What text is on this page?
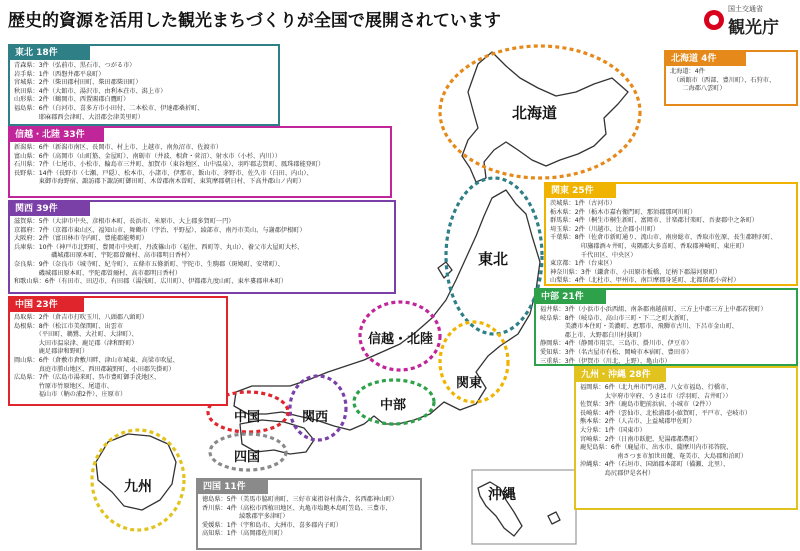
歴史的資源を活用した観光まちづくりが全国で展開されています
国土交通省
観光庁
北海道
東北
信越・北陸
関東
中部
関西
中国
四国
九州	沖縄
東北 18件
青森県：3件（弘前市、黒石市、つがる市）
岩手県：1件（西磐井郡平泉町）
宮城県：2件（柴田郡村田町、柴田郡柴田町）
秋田県：4件（大館市、湯沢市、由利本荘市、潟上市）
山形県：2件（鶴岡市、西置賜郡白鷹町）
福島県：6件（白河市、喜多方市小田付、二本松市、伊達郡桑折町、
　　　　耶麻郡西会津町、大沼郡会津美里町）
北海道 4件
北海道：4件
　（函館市（西部、豊川町）、石狩市、
　　二海郡八雲町）
信越・北陸 33件
新潟県：6件（新潟市南区、長岡市、村上市、上越市、南魚沼市、佐渡市）
富山県：6件（高岡市（山町筋、金屋町）、南砺市（井波、相倉・菅沼）、射水市（小杉、内川））
石川県：7件（七尾市、小松市、輪島市三井町、加賀市（東谷地区、山中温泉）、羽咋郡志賀町、鳳珠郡能登町）
長野県：14件（長野市（七瀬、戸隠）、松本市、小諸市、伊那市、飯山市、茅野市、佐久市（臼田、内山）、
　　　　東御市海野宿、諏訪郡下諏訪町御田町、木曽郡南木曽町、東筑摩郡朝日村、下高井郡山ノ内町）
関西 39件
滋賀県：5件（大津市中央、彦根市本町、長浜市、米原市、大上郡多賀町一円）
京都府：7件（京都市東山区、福知山市、舞鶴市（宇治、平野屋）、綾部市、南丹市美山、与謝郡伊根町）
大阪府：2件（富田林市寺内町、豊能郡能勢町）
兵庫県：10件（神戸市北野町、豊岡市中央町、丹波篠山市（福住、西町等、丸山）、養父市大屋町大杉、
　　　　　　磯城郡田原本町、宇陀郡曽爾村、高市郡明日香村）
奈良県：9件（奈良市（城寺町、紀寺町）、五條市五條新町、宇陀市、生駒郡（斑鳩町、安堵町）、
　　　　磯城郡田原本町、宇陀郡曽爾村、高市郡明日香村）
和歌山県：6件（有田市、田辺市、有田郡（湯浅町、広川町）、伊都郡九度山町、東牟婁郡串本町）
中国 23件
鳥取県：2件（倉吉市打吹玉川、八頭郡八頭町）
島根県：8件（松江市美保関町、出雲市
　　　　（平田町、鵜鷺、大社町、大津町）、
　　　　大田市温泉津、鹿足郡（津和野町）
　　　　鹿足郡津和野町）
岡山県：6件（倉敷市倉敷川畔、津山市城東、高梁市吹屋、
　　　　真庭市勝山地区、西田郡鏡野町、小田郡矢掛町）
広島県：7件（広島市湯来町、呉市豊町御手洗地区、
　　　　竹原市竹原地区、尾道市、
　　　　福山市（鞆の浦2件）、庄原市）
関東 25件
茨城県：1件（古河市）
栃木県：2件（栃木市嘉右衛門町、那須郡那珂川町）
群馬県：4件（桐生市桐生新町、富岡市、甘楽郡甘楽町、吾妻郡中之条町）
埼玉県：2件（川越市、比企郡小川町）
千葉県：8件（佐倉市新町通り、流山市、南房総市、香取市佐原、長生郡睦沢町、
　　　　　印旛郡酒々井町、夷隅郡大多喜町、香取郡神崎町、東庄町）
　　　　　千代田区、中央区）
東京都：1件（台東区）
神奈川県：3件（鎌倉市、小田原市板橋、足柄下郡湯河原町）
山梨県：4件（北杜市、甲州市、南巨摩郡身延町、北都留郡小菅村）
中部 21件
福井県：3件（小浜市小浜西組、南条郡南越前町、三方上中郡三方上中郡若狭町）
岐阜県：8件（岐阜市、高山市三町・下二之町大新町、
　　　　美濃市本住町・美濃町、恵那市、飛騨市古川、下呂市金山町、
　　　　郡上市、大野郡白川村荻町）
静岡県：4件（静岡市用宗、三島市、掛川市、伊豆市）
愛知県：3件（名古屋市有松、岡崎市本宿町、豊田市）
三重県：3件（伊賀市（川北、上野）、亀山市）
九州・沖縄 28件
福岡県：6件（北九州市門司港、八女市福島、行橋市、
　　　　太宰府市宰府、うきは市（浮羽町、吉井町））
佐賀県：3件（鹿島市肥前浜宿、小城市（2件））
長崎県：4件（雲仙市、北松浦郡小値賀町、平戸市、壱岐市）
熊本県：2件（人吉市、上益城郡甲佐町）
大分県：1件（国東市）
宮崎県：2件（日南市飫肥、児湯郡都農町）
鹿児島県：6件（鹿屋市、出水市、薩摩川内市祁答院、
　　　　　　南さつま市加世田麓、奄美市、大島郡和泊町）
沖縄県：4件（石垣市、国頭郡本部町（備瀬、北里）、
　　　　島尻郡伊是名村）
四国 11件
徳島県：5件（美馬市脇町南町、三好市東祖谷村落合、名西郡神山町）
香川県：4件（高松市西植田地区、丸亀市塩飽本島町笠島、三豊市、
　　　　　　綾歌郡宇多津町）
愛媛県：1件（宇和島市、大洲市、喜多郡内子町）
高知県：1件（高岡郡佐川町）
